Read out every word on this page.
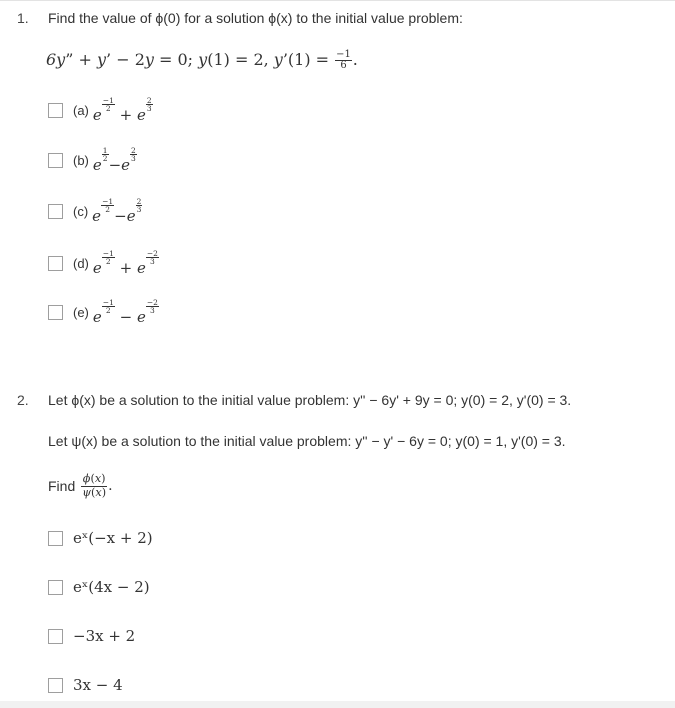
1. Find the value of ϕ(0) for a solution ϕ(x) to the initial value problem:
6y” + y’ − 2y = 0; y(1) = 2, y’(1) = $\frac{-1}{6}$ .
(a) e
$\frac{-1}{2}$
+ e
$\frac{2}{3}$
(b) e
$\frac{1}{2}$
−e
$\frac{2}{3}$
(c) e
$\frac{-1}{2}$
−e
$\frac{2}{3}$
(d) e
$\frac{-1}{2}$
+ e
$\frac{-2}{3}$
(e) e
$\frac{-1}{2}$
− e
$\frac{-2}{3}$
2. Let ϕ(x) be a solution to the initial value problem: y'' − 6y' + 9y = 0; y(0) = 2, y'(0) = 3.
Let ψ(x) be a solution to the initial value problem: y'' − y' − 6y = 0; y(0) = 1, y'(0) = 3.
Find $\frac{\phi(x)}{\psi(x)}$ .
eˣ(−x + 2)
eˣ(4x − 2)
−3x + 2
3x − 4
